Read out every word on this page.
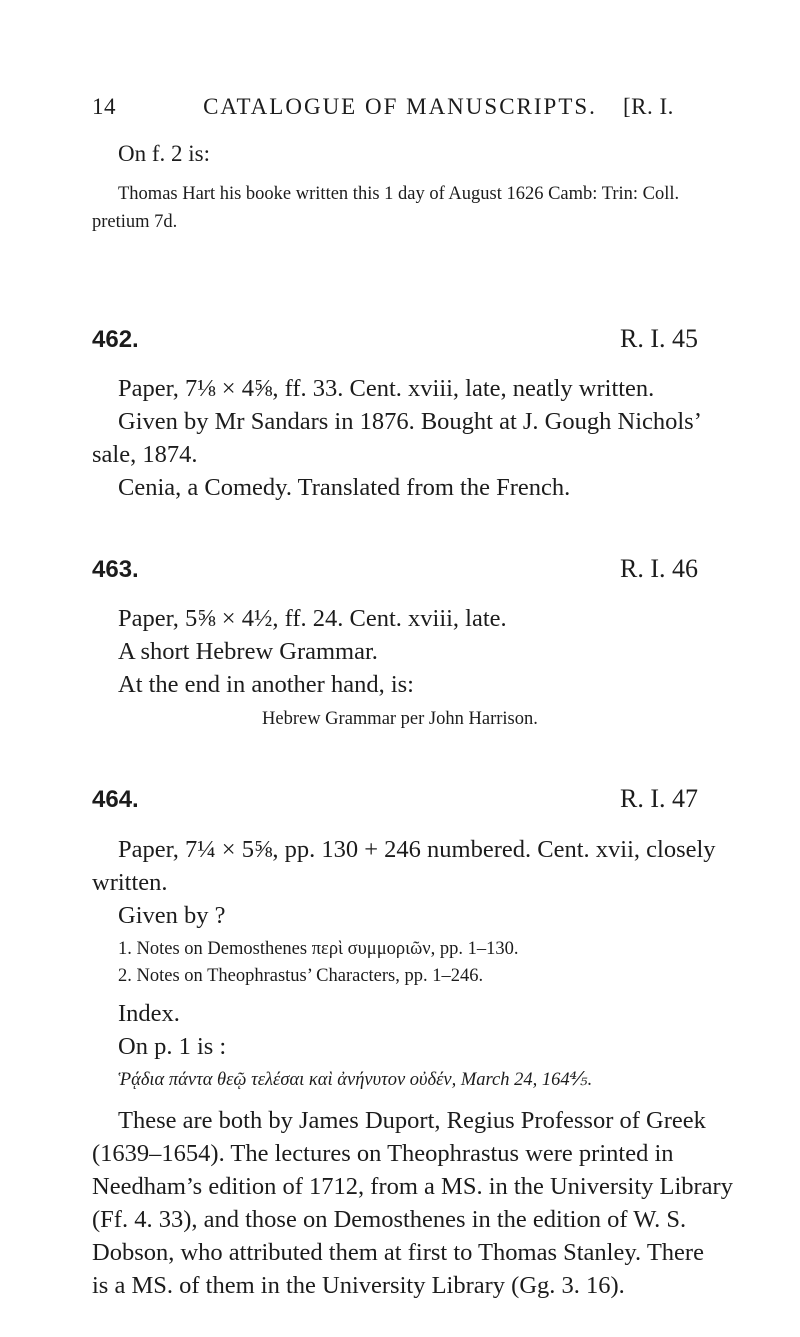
14	CATALOGUE OF MANUSCRIPTS.	[R. I.
On f. 2 is:
Thomas Hart his booke written this 1 day of August 1626 Camb: Trin: Coll.
pretium 7d.
462.	R. I. 45
Paper, 7⅛ × 4⅝, ff. 33. Cent. xviii, late, neatly written.
Given by Mr Sandars in 1876. Bought at J. Gough Nichols’
sale, 1874.
Cenia, a Comedy. Translated from the French.
463.	R. I. 46
Paper, 5⅝ × 4½, ff. 24. Cent. xviii, late.
A short Hebrew Grammar.
At the end in another hand, is:
Hebrew Grammar per John Harrison.
464.	R. I. 47
Paper, 7¼ × 5⅝, pp. 130 + 246 numbered. Cent. xvii, closely
written.
Given by ?
1. Notes on Demosthenes περὶ συμμοριῶν, pp. 1–130.
2. Notes on Theophrastus’ Characters, pp. 1–246.
Index.
On p. 1 is :
Ῥᾴδια πάντα θεῷ τελέσαι καὶ ἀνήνυτον οὐδέν, March 24, 164⅘.
These are both by James Duport, Regius Professor of Greek
(1639–1654). The lectures on Theophrastus were printed in
Needham’s edition of 1712, from a MS. in the University Library
(Ff. 4. 33), and those on Demosthenes in the edition of W. S.
Dobson, who attributed them at first to Thomas Stanley. There
is a MS. of them in the University Library (Gg. 3. 16).
